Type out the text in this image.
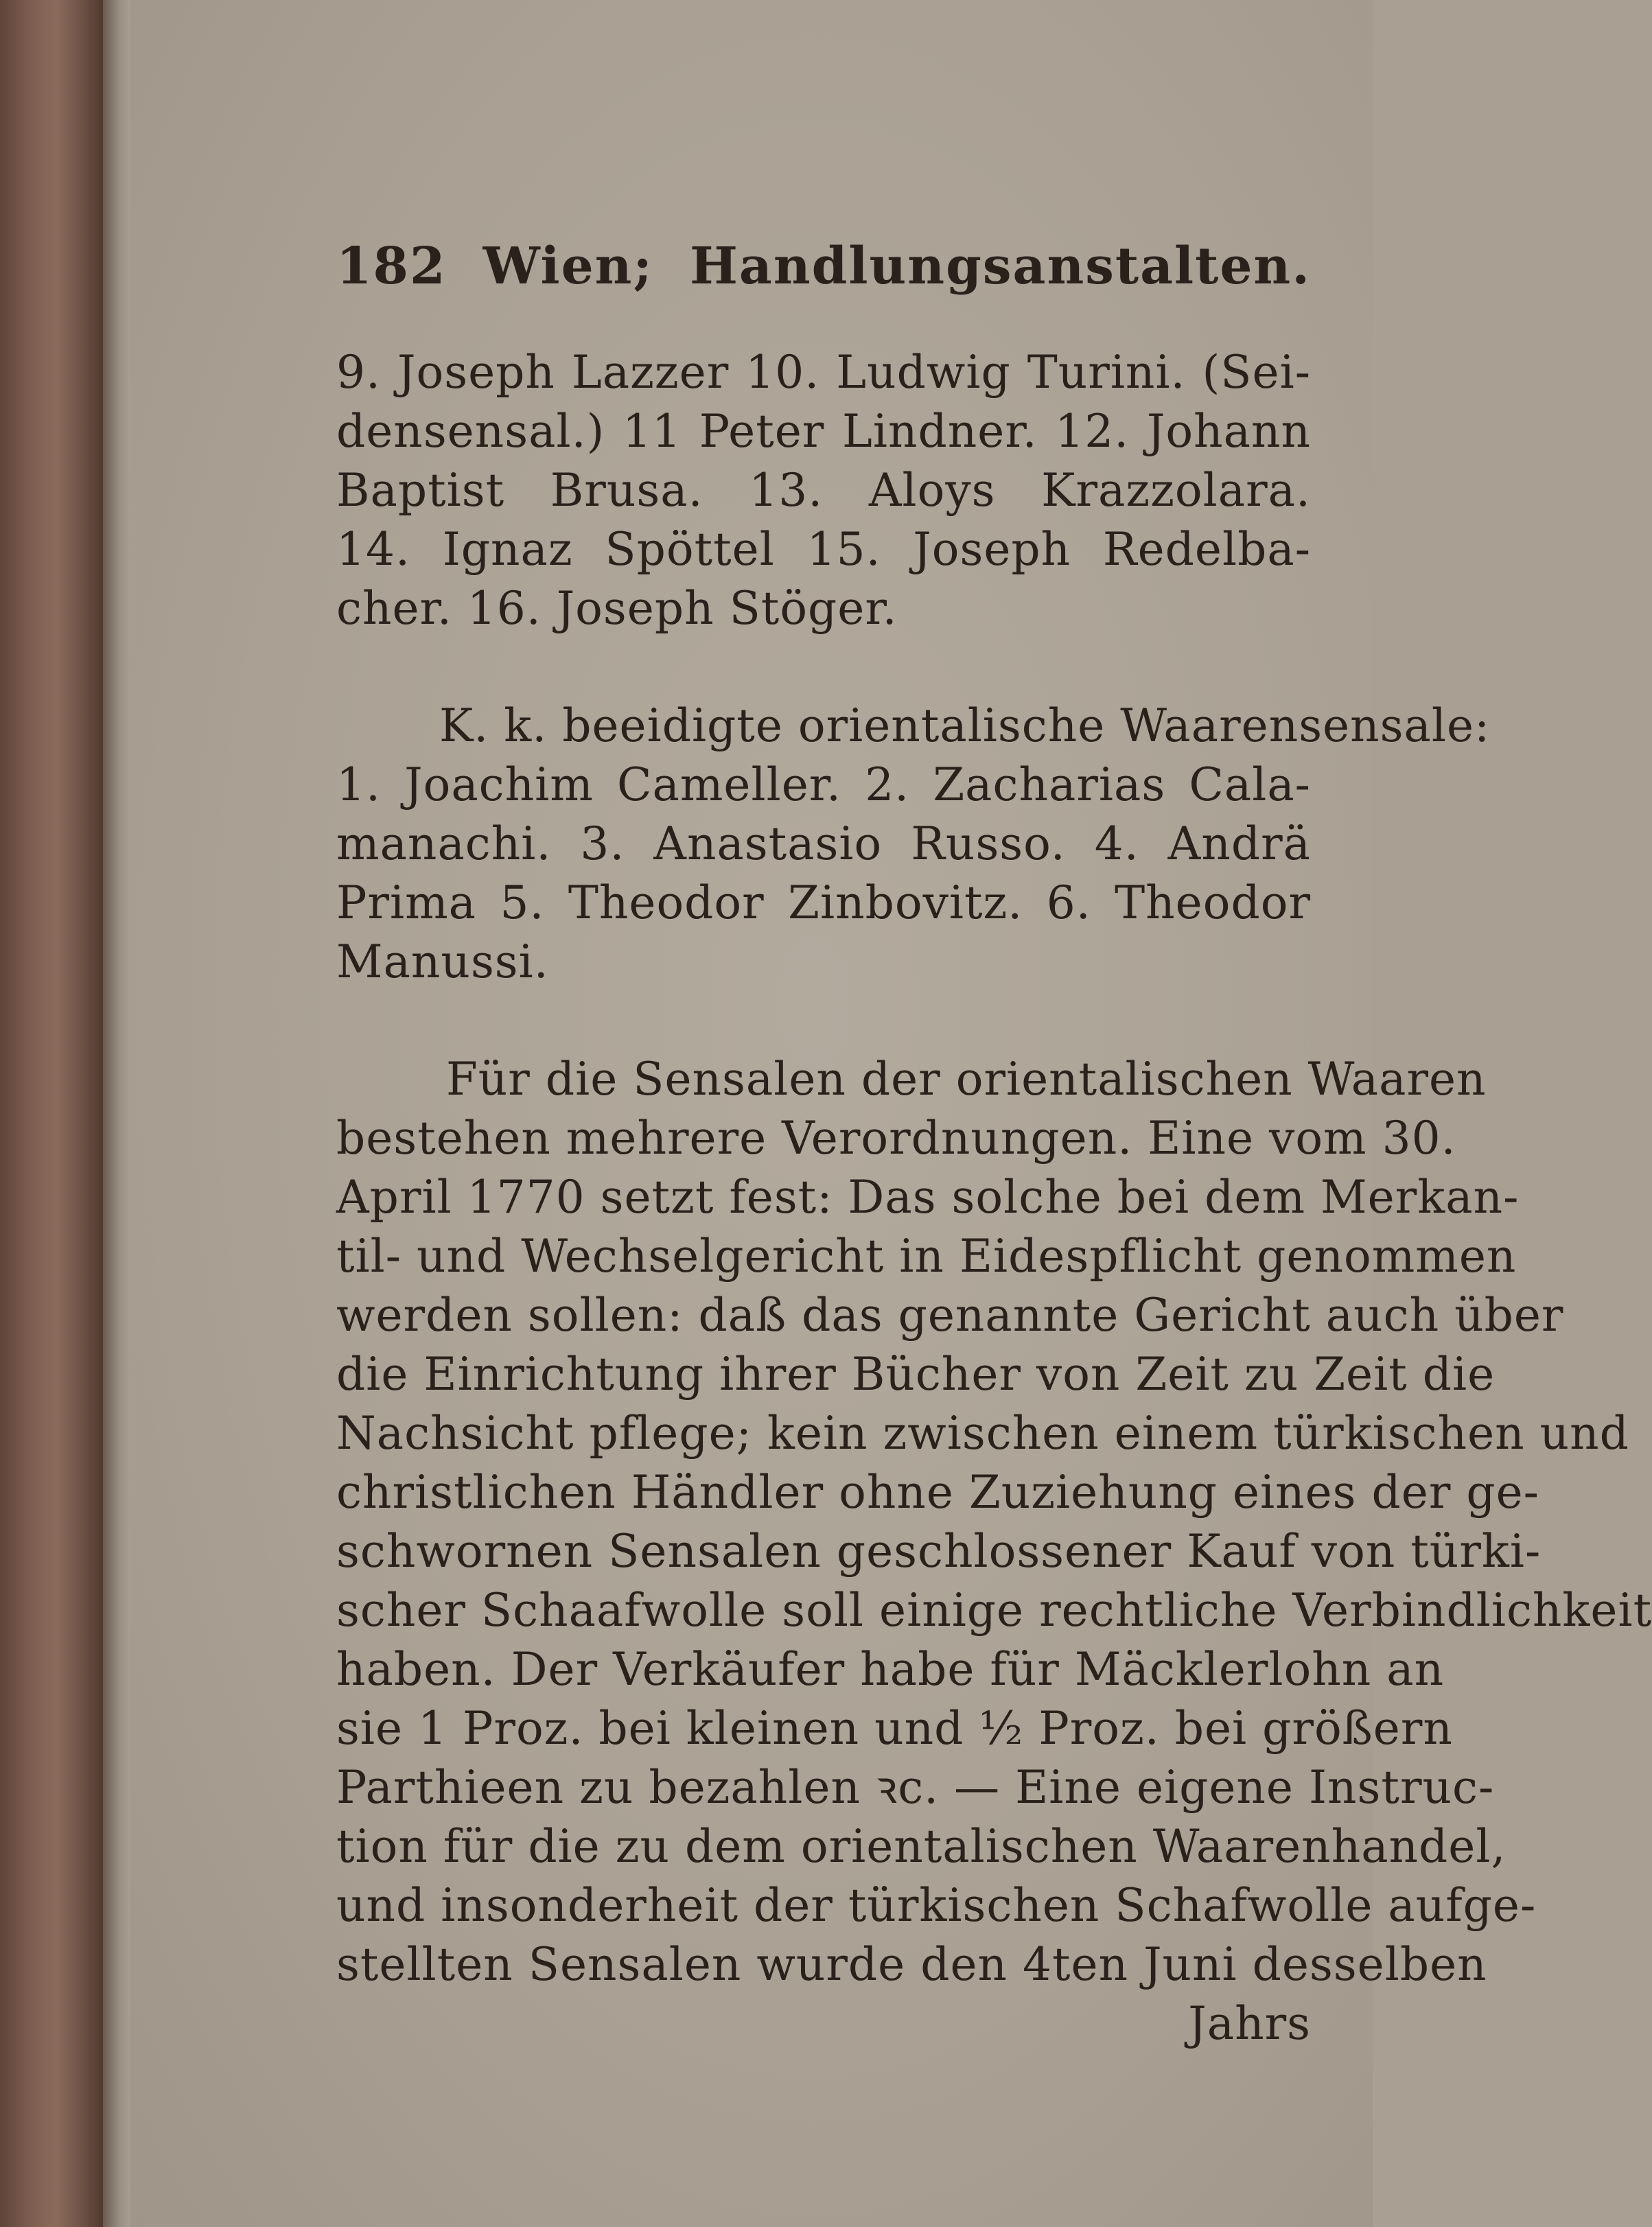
182 Wien; Handlungsanstalten.
9. Joseph Lazzer 10. Ludwig Turini. (Sei-
densensal.) 11 Peter Lindner. 12. Johann
Baptist Brusa. 13. Aloys Krazzolara.
14. Ignaz Spöttel 15. Joseph Redelba-
cher. 16. Joseph Stöger.
K. k. beeidigte orientalische Waarensensale:
1. Joachim Cameller. 2. Zacharias Cala-
manachi. 3. Anastasio Russo. 4. Andrä
Prima 5. Theodor Zinbovitz. 6. Theodor
Manussi.
Für die Sensalen der orientalischen Waaren
bestehen mehrere Verordnungen. Eine vom 30.
April 1770 setzt fest: Das solche bei dem Merkan-
til- und Wechselgericht in Eidespflicht genommen
werden sollen: daß das genannte Gericht auch über
die Einrichtung ihrer Bücher von Zeit zu Zeit die
Nachsicht pflege; kein zwischen einem türkischen und
christlichen Händler ohne Zuziehung eines der ge-
schwornen Sensalen geschlossener Kauf von türki-
scher Schaafwolle soll einige rechtliche Verbindlichkeit
haben. Der Verkäufer habe für Mäcklerlohn an
sie 1 Proz. bei kleinen und ½ Proz. bei größern
Parthieen zu bezahlen ꝛc. — Eine eigene Instruc-
tion für die zu dem orientalischen Waarenhandel,
und insonderheit der türkischen Schafwolle aufge-
stellten Sensalen wurde den 4ten Juni desselben
Jahrs
